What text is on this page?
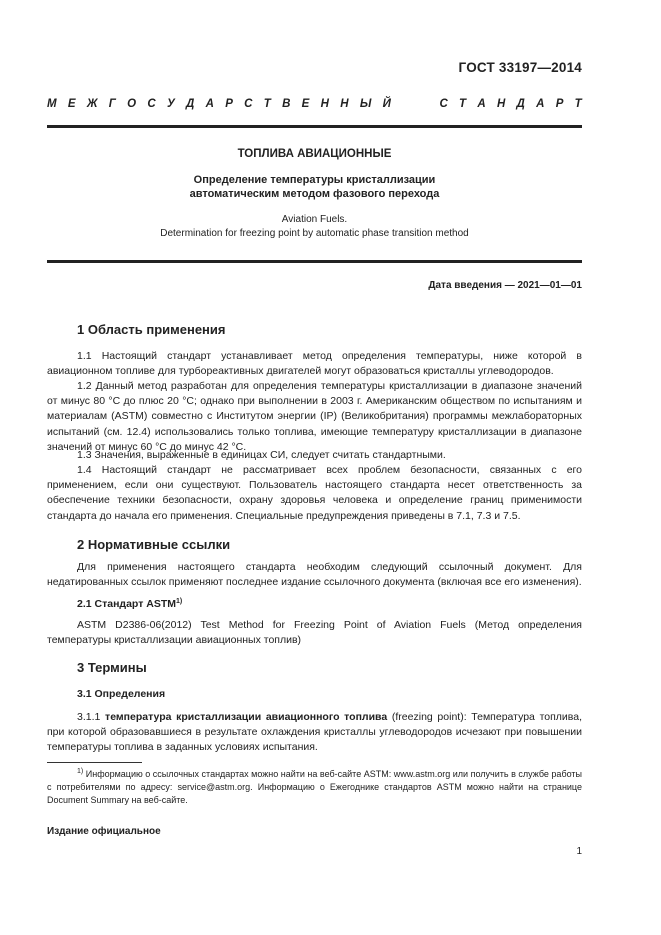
ГОСТ 33197—2014
М Е Ж Г О С У Д А Р С Т В Е Н Н Ы Й	С Т А Н Д А Р Т
ТОПЛИВА АВИАЦИОННЫЕ
Определение температуры кристаллизации
автоматическим методом фазового перехода
Aviation Fuels.
Determination for freezing point by automatic phase transition method
Дата введения — 2021—01—01
1 Область применения

1.1 Настоящий стандарт устанавливает метод определения температуры, ниже которой в авиационном топливе для турбореактивных двигателей могут образоваться кристаллы углеводородов.

1.2 Данный метод разработан для определения температуры кристаллизации в диапазоне значений от минус 80 °С до плюс 20 °С; однако при выполнении в 2003 г. Американским обществом по испытаниям и материалам (ASTM) совместно с Институтом энергии (IP) (Великобритания) программы межлабораторных испытаний (см. 12.4) использовались только топлива, имеющие температуру кристаллизации в диапазоне значений от минус 60 °С до минус 42 °С.

1.3 Значения, выраженные в единицах СИ, следует считать стандартными.

1.4 Настоящий стандарт не рассматривает всех проблем безопасности, связанных с его применением, если они существуют. Пользователь настоящего стандарта несет ответственность за обеспечение техники безопасности, охрану здоровья человека и определение границ применимости стандарта до начала его применения. Специальные предупреждения приведены в 7.1, 7.3 и 7.5.

2 Нормативные ссылки

Для применения настоящего стандарта необходим следующий ссылочный документ. Для недатированных ссылок применяют последнее издание ссылочного документа (включая все его изменения).

2.1 Стандарт ASTM$^{1)}$

ASTM D2386-06(2012) Test Method for Freezing Point of Aviation Fuels (Метод определения температуры кристаллизации авиационных топлив)

3 Термины
3.1 Определения

3.1.1 температура кристаллизации авиационного топлива (freezing point): Температура топлива, при которой образовавшиеся в результате охлаждения кристаллы углеводородов исчезают при повышении температуры топлива в заданных условиях испытания.

$^{1)}$ Информацию о ссылочных стандартах можно найти на веб-сайте ASTM: www.astm.org или получить в службе работы с потребителями по адресу: service@astm.org. Информацию о Ежегоднике стандартов ASTM можно найти на странице Document Summary на веб-сайте.

Издание официальное
1
